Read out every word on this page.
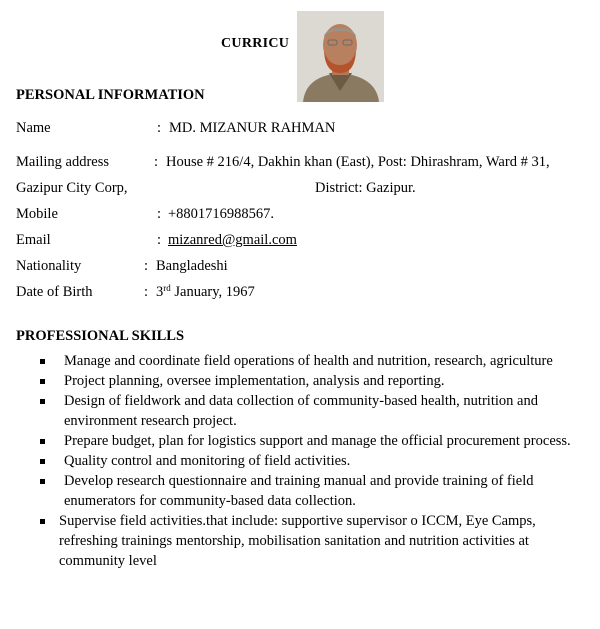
CURRICU
PERSONAL INFORMATION
Name	: MD. MIZANUR RAHMAN
Mailing address	: House # 216/4, Dakhin khan (East), Post: Dhirashram, Ward # 31,
Gazipur City Corp,	District: Gazipur.
Mobile	: +8801716988567.
Email	: mizanred@gmail.com
Nationality	: Bangladeshi
Date of Birth	: 3rd January, 1967
PROFESSIONAL SKILLS
Manage and coordinate field operations of health and nutrition, research, agriculture
Project planning, oversee implementation, analysis and reporting.
Design of fieldwork and data collection of community-based health, nutrition and environment research project.
Prepare budget, plan for logistics support and manage the official procurement process.
Quality control and monitoring of field activities.
Develop research questionnaire and training manual and provide training of field enumerators for community-based data collection.
Supervise field activities.that include: supportive supervisor o ICCM, Eye Camps, refreshing trainings mentorship, mobilisation sanitation and nutrition activities at community level
